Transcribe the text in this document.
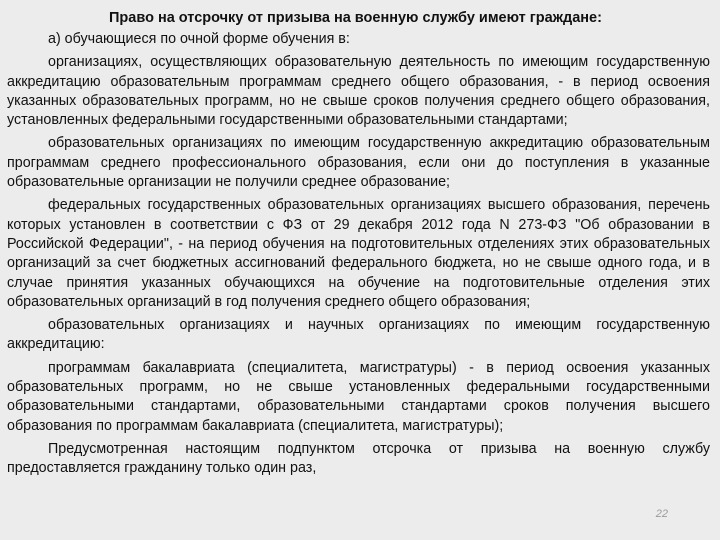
Право на отсрочку от призыва на военную службу имеют граждане:

а) обучающиеся по очной форме обучения в:

организациях, осуществляющих образовательную деятельность по имеющим государственную аккредитацию образовательным программам среднего общего образования, - в период освоения указанных образовательных программ, но не свыше сроков получения среднего общего образования, установленных федеральными государственными образовательными стандартами;

образовательных организациях по имеющим государственную аккредитацию образовательным программам среднего профессионального образования, если они до поступления в указанные образовательные организации не получили среднее образование;

федеральных государственных образовательных организациях высшего образования, перечень которых установлен в соответствии с ФЗ от 29 декабря 2012 года N 273-ФЗ "Об образовании в Российской Федерации", - на период обучения на подготовительных отделениях этих образовательных организаций за счет бюджетных ассигнований федерального бюджета, но не свыше одного года, и в случае принятия указанных обучающихся на обучение на подготовительные отделения этих образовательных организаций в год получения среднего общего образования;

образовательных организациях и научных организациях по имеющим государственную аккредитацию:

программам бакалавриата (специалитета, магистратуры) - в период освоения указанных образовательных программ, но не свыше установленных федеральными государственными образовательными стандартами, образовательными стандартами сроков получения высшего образования по программам бакалавриата (специалитета, магистратуры);

Предусмотренная настоящим подпунктом отсрочка от призыва на военную службу предоставляется гражданину только один раз,

22
